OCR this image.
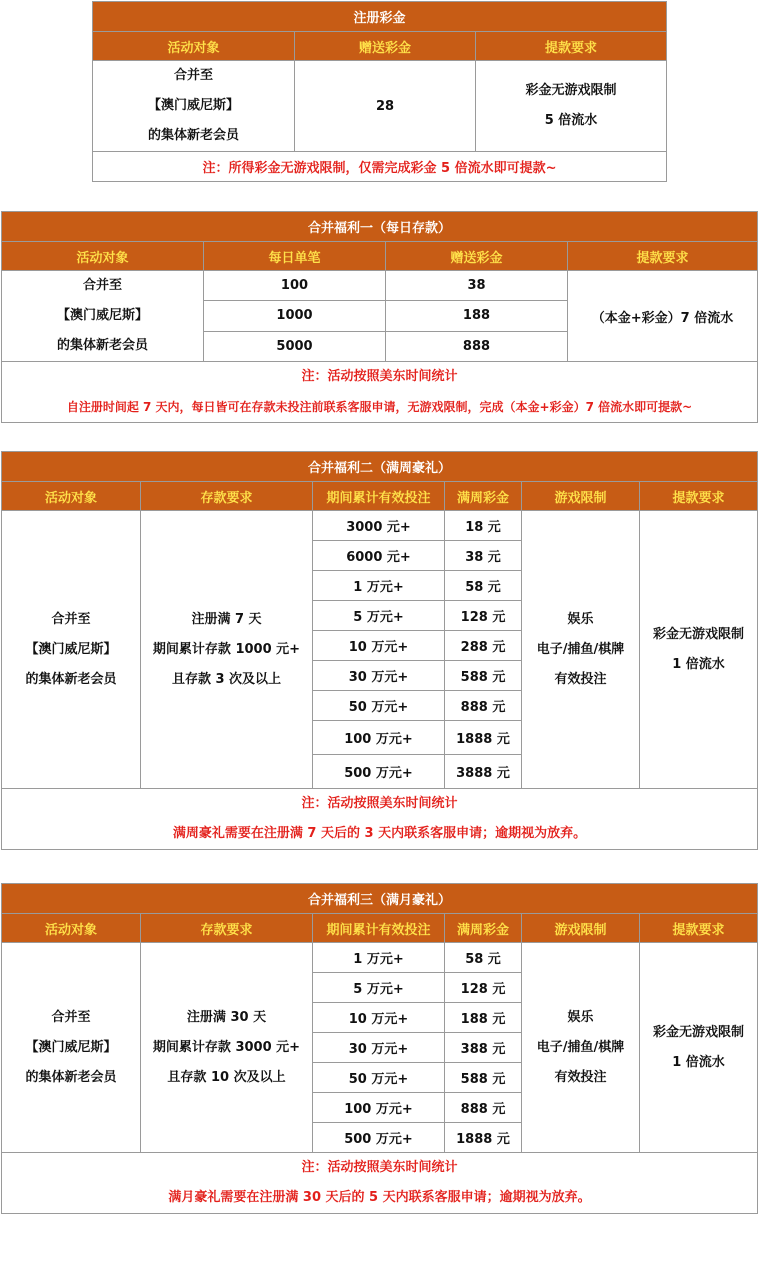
注册彩金		
活动对象	赠送彩金	提款要求

合并至
【澳门威尼斯】
的集体新老会员	28	彩金无游戏限制
5 倍流水

注：所得彩金无游戏限制，仅需完成彩金 5 倍流水即可提款~		
合并福利一（每日存款）			
活动对象	每日单笔	赠送彩金	提款要求

合并至
【澳门威尼斯】
的集体新老会员	100	38	（本金+彩金）7 倍流水
	1000	188	
	5000	888	

注：活动按照美东时间统计
自注册时间起 7 天内，每日皆可在存款未投注前联系客服申请，无游戏限制，完成（本金+彩金）7 倍流水即可提款~			
合并福利二（满周豪礼）					
活动对象	存款要求	期间累计有效投注	满周彩金	游戏限制	提款要求

合并至
【澳门威尼斯】
的集体新老会员	注册满 7 天
期间累计存款 1000 元+
且存款 3 次及以上	3000 元+	18 元	娱乐
电子/捕鱼/棋牌
有效投注	彩金无游戏限制
1 倍流水

		6000 元+	38 元		
		1 万元+	58 元		
		5 万元+	128 元		
		10 万元+	288 元		
		30 万元+	588 元		
		50 万元+	888 元		
		100 万元+	1888 元		
		500 万元+	3888 元		

注：活动按照美东时间统计
满周豪礼需要在注册满 7 天后的 3 天内联系客服申请；逾期视为放弃。					
合并福利三（满月豪礼）					
活动对象	存款要求	期间累计有效投注	满周彩金	游戏限制	提款要求

合并至
【澳门威尼斯】
的集体新老会员	注册满 30 天
期间累计存款 3000 元+
且存款 10 次及以上	1 万元+	58 元	娱乐
电子/捕鱼/棋牌
有效投注	彩金无游戏限制
1 倍流水

		5 万元+	128 元		
		10 万元+	188 元		
		30 万元+	388 元		
		50 万元+	588 元		
		100 万元+	888 元		
		500 万元+	1888 元		

注：活动按照美东时间统计
满月豪礼需要在注册满 30 天后的 5 天内联系客服申请；逾期视为放弃。					
